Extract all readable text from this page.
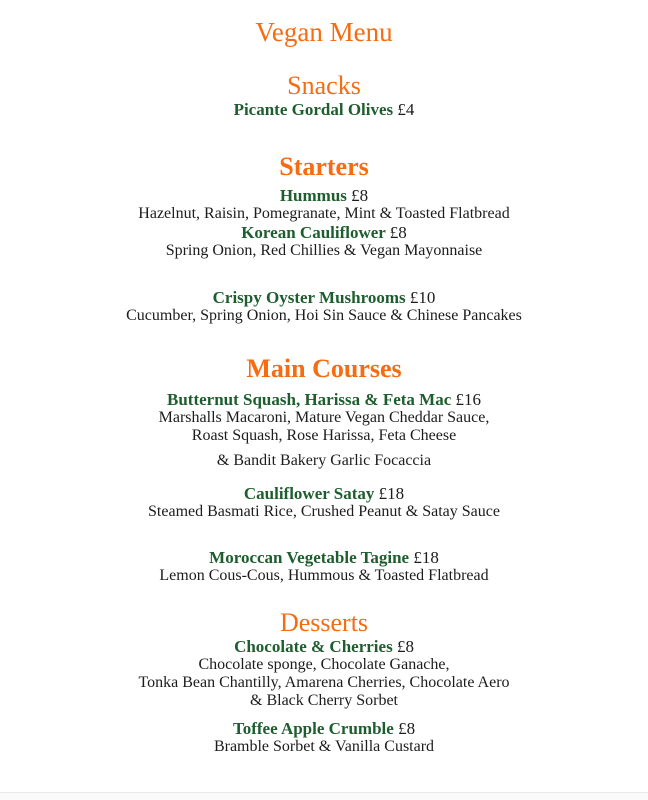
Vegan Menu
Snacks
Picante Gordal Olives £4
Starters
Hummus £8
Hazelnut, Raisin, Pomegranate, Mint & Toasted Flatbread
Korean Cauliflower £8
Spring Onion, Red Chillies & Vegan Mayonnaise
Crispy Oyster Mushrooms £10
Cucumber, Spring Onion, Hoi Sin Sauce & Chinese Pancakes
Main Courses
Butternut Squash, Harissa & Feta Mac £16
Marshalls Macaroni, Mature Vegan Cheddar Sauce,
Roast Squash, Rose Harissa, Feta Cheese
& Bandit Bakery Garlic Focaccia
Cauliflower Satay £18
Steamed Basmati Rice, Crushed Peanut & Satay Sauce
Moroccan Vegetable Tagine £18
Lemon Cous-Cous, Hummous & Toasted Flatbread
Desserts
Chocolate & Cherries £8
Chocolate sponge, Chocolate Ganache,
Tonka Bean Chantilly, Amarena Cherries, Chocolate Aero
& Black Cherry Sorbet
Toffee Apple Crumble £8
Bramble Sorbet & Vanilla Custard
